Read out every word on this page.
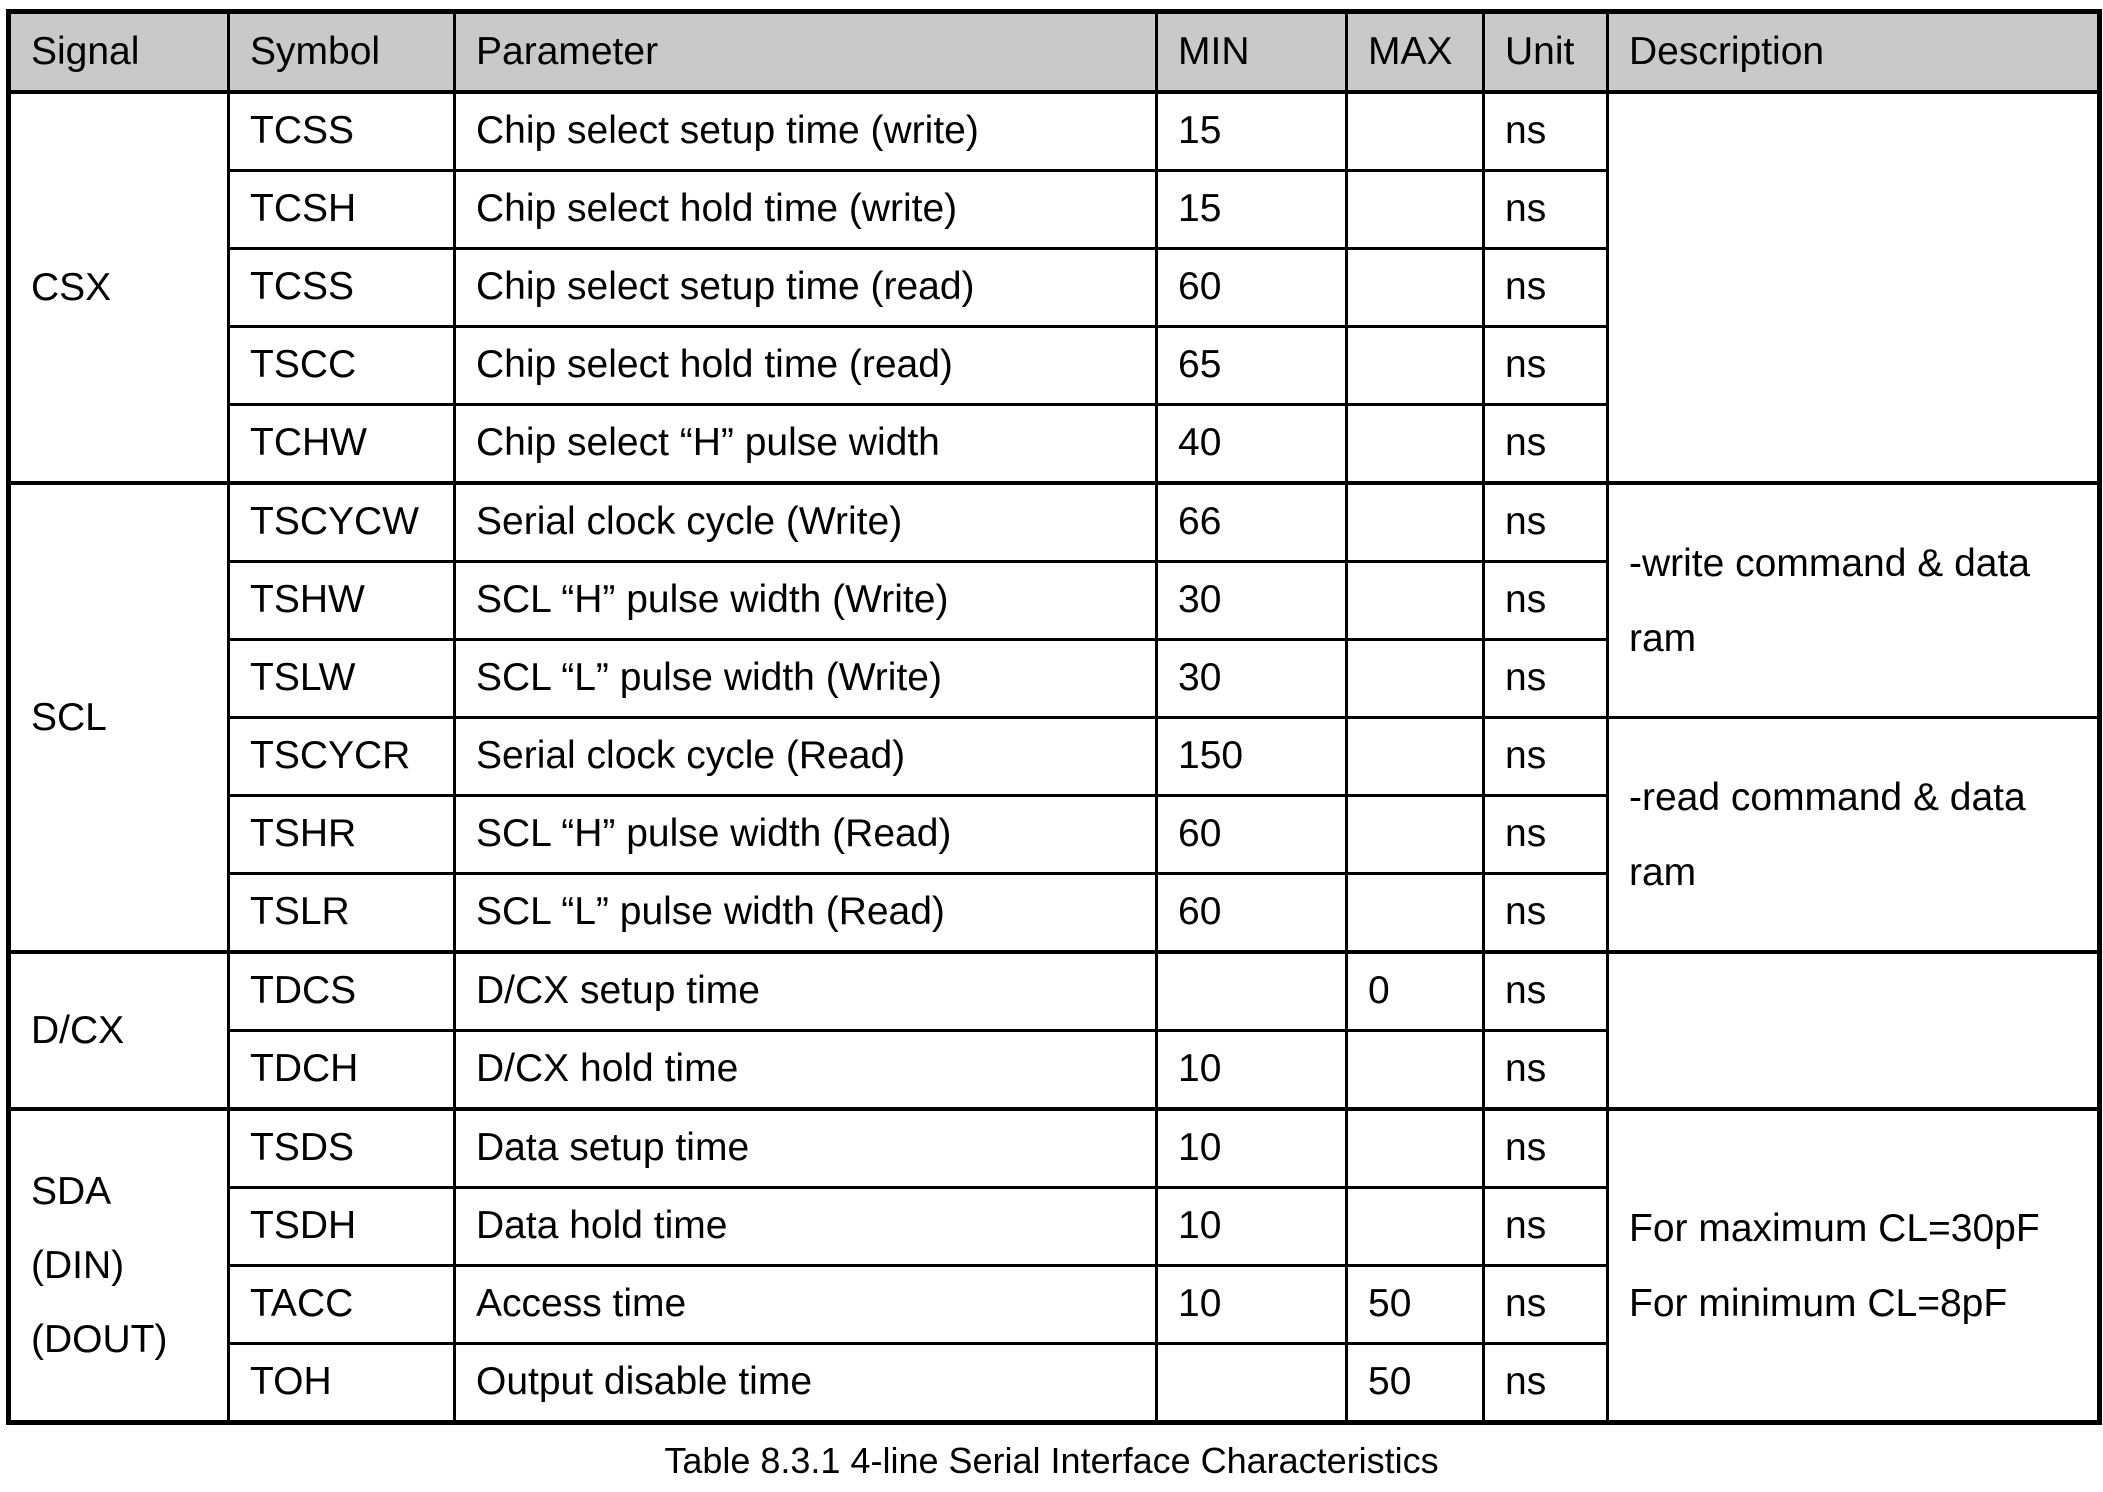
Signal	Symbol	Parameter	MIN	MAX	Unit	Description

CSX	TCSS	Chip select setup time (write)	15		ns	
	TCSH	Chip select hold time (write)	15		ns	
	TCSS	Chip select setup time (read)	60		ns	
	TSCC	Chip select hold time (read)	65		ns	
	TCHW	Chip select “H” pulse width	40		ns	

SCL	TSCYCW	Serial clock cycle (Write)	66		ns	-write command & data
ram

	TSHW	SCL “H” pulse width (Write)	30		ns	
	TSLW	SCL “L” pulse width (Write)	30		ns	
	TSCYCR	Serial clock cycle (Read)	150		ns	-read command & data
ram

	TSHR	SCL “H” pulse width (Read)	60		ns	
	TSLR	SCL “L” pulse width (Read)	60		ns	

D/CX	TDCS	D/CX setup time		0	ns	
	TDCH	D/CX hold time	10		ns	

SDA
(DIN)
(DOUT)	TSDS	Data setup time	10		ns	For maximum CL=30pF
For minimum CL=8pF

	TSDH	Data hold time	10		ns	
	TACC	Access time	10	50	ns	
	TOH	Output disable time		50	ns	
Table 8.3.1 4-line Serial Interface Characteristics
